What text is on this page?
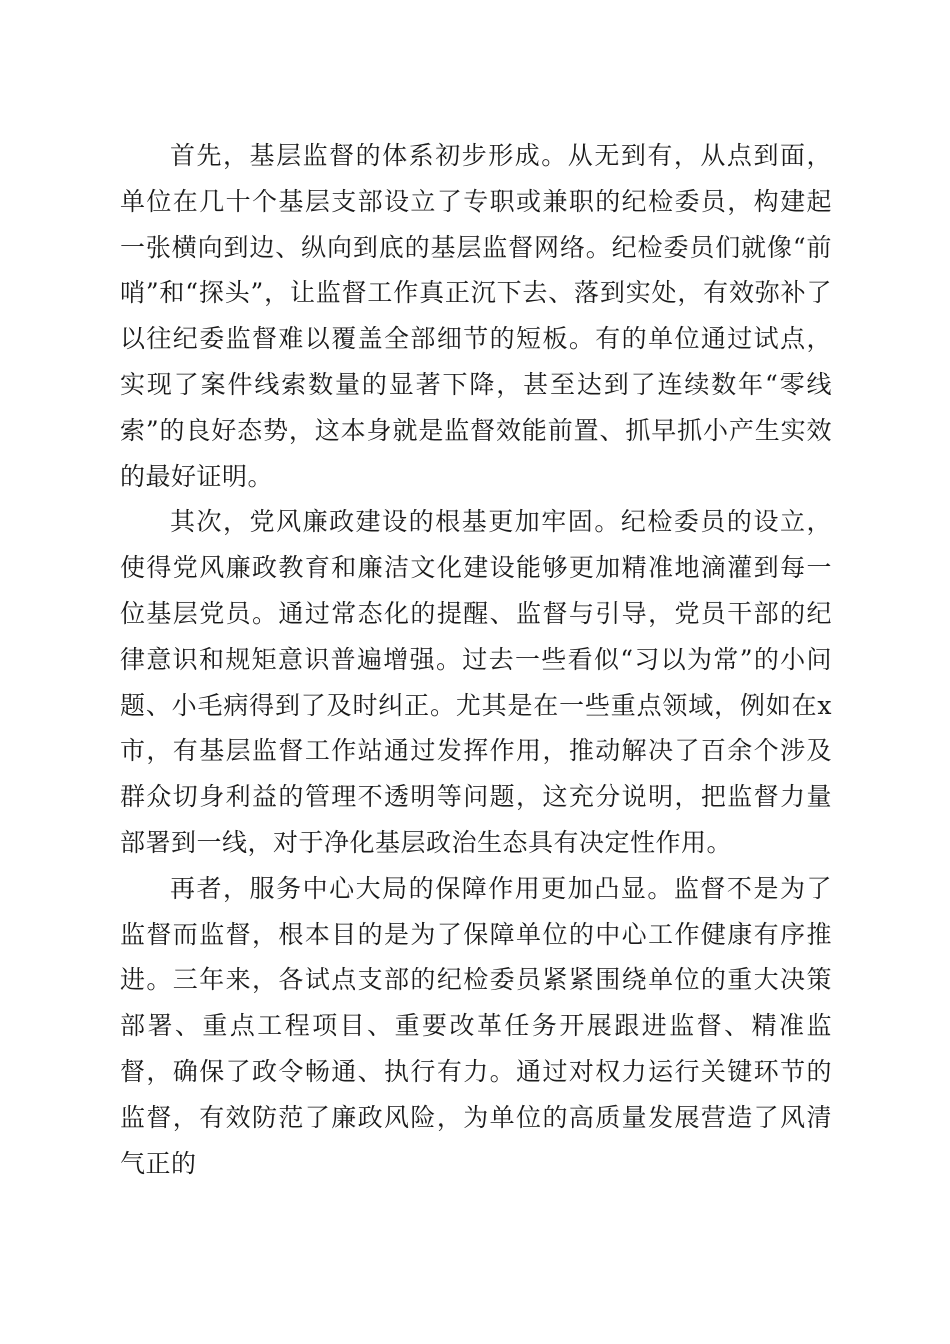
首先，基层监督的体系初步形成。从无到有，从点到面，单位在几十个基层支部设立了专职或兼职的纪检委员，构建起一张横向到边、纵向到底的基层监督网络。纪检委员们就像“前哨”和“探头”，让监督工作真正沉下去、落到实处，有效弥补了以往纪委监督难以覆盖全部细节的短板。有的单位通过试点，实现了案件线索数量的显著下降，甚至达到了连续数年“零线索”的良好态势，这本身就是监督效能前置、抓早抓小产生实效的最好证明。

其次，党风廉政建设的根基更加牢固。纪检委员的设立，使得党风廉政教育和廉洁文化建设能够更加精准地滴灌到每一位基层党员。通过常态化的提醒、监督与引导，党员干部的纪律意识和规矩意识普遍增强。过去一些看似“习以为常”的小问题、小毛病得到了及时纠正。尤其是在一些重点领域，例如在x市，有基层监督工作站通过发挥作用，推动解决了百余个涉及群众切身利益的管理不透明等问题，这充分说明，把监督力量部署到一线，对于净化基层政治生态具有决定性作用。

再者，服务中心大局的保障作用更加凸显。监督不是为了监督而监督，根本目的是为了保障单位的中心工作健康有序推进。三年来，各试点支部的纪检委员紧紧围绕单位的重大决策部署、重点工程项目、重要改革任务开展跟进监督、精准监督，确保了政令畅通、执行有力。通过对权力运行关键环节的监督，有效防范了廉政风险，为单位的高质量发展营造了风清气正的
